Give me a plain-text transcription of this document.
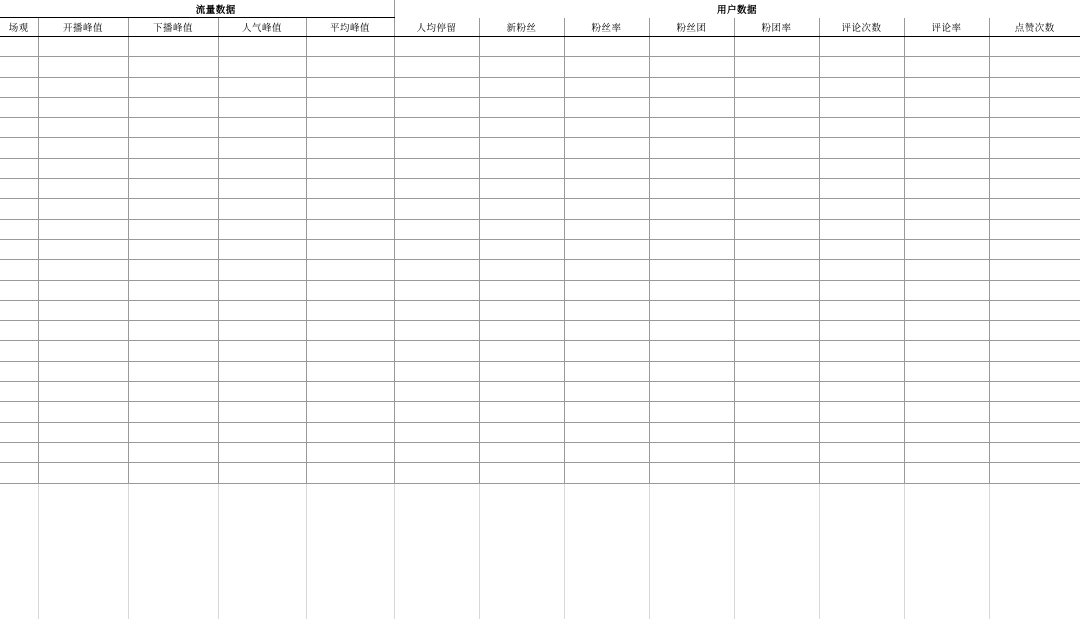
	流量数据				用户数据								
场观	开播峰值	下播峰值	人气峰值	平均峰值	人均停留	新粉丝	粉丝率	粉丝团	粉团率	评论次数	评论率	点赞次数	
